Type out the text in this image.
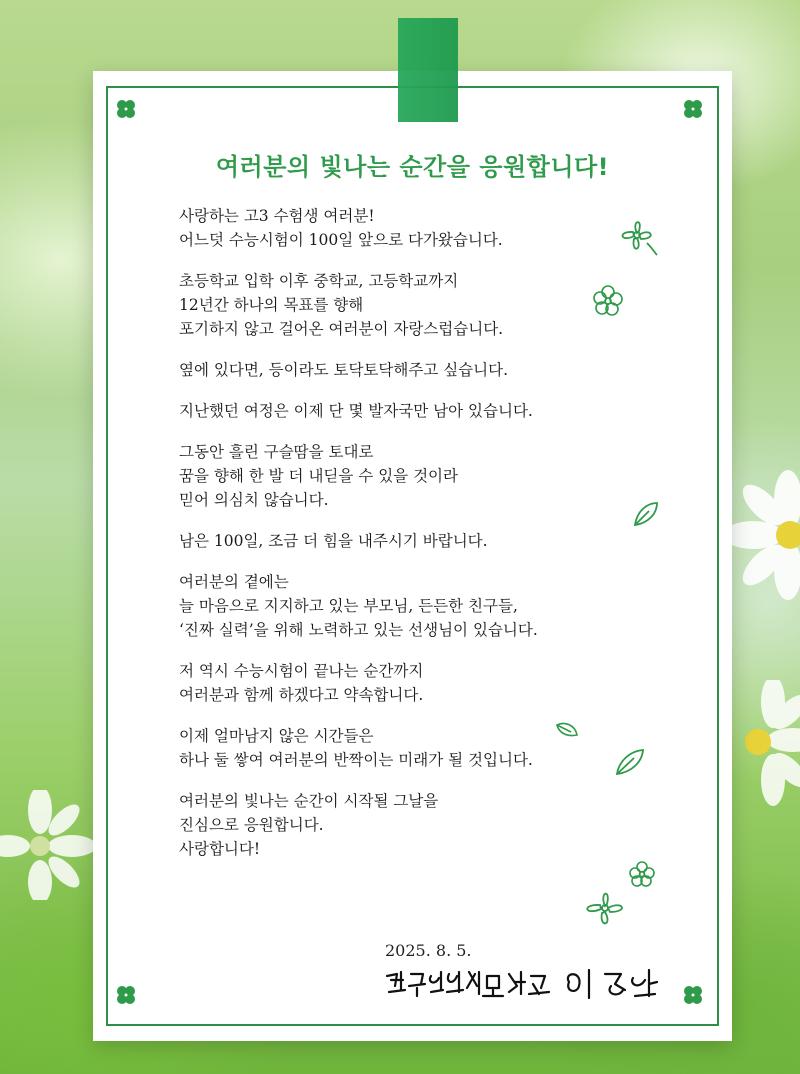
여러분의 빛나는 순간을 응원합니다!

사랑하는 고3 수험생 여러분!
어느덧 수능시험이 100일 앞으로 다가왔습니다.

초등학교 입학 이후 중학교, 고등학교까지
12년간 하나의 목표를 향해
포기하지 않고 걸어온 여러분이 자랑스럽습니다.

옆에 있다면, 등이라도 토닥토닥해주고 싶습니다.

지난했던 여정은 이제 단 몇 발자국만 남아 있습니다.

그동안 흘린 구슬땀을 토대로
꿈을 향해 한 발 더 내딛을 수 있을 것이라
믿어 의심치 않습니다.

남은 100일, 조금 더 힘을 내주시기 바랍니다.

여러분의 곁에는
늘 마음으로 지지하고 있는 부모님, 든든한 친구들,
‘진짜 실력’을 위해 노력하고 있는 선생님이 있습니다.

저 역시 수능시험이 끝나는 순간까지
여러분과 함께 하겠다고 약속합니다.

이제 얼마남지 않은 시간들은
하나 둘 쌓여 여러분의 반짝이는 미래가 될 것입니다.

여러분의 빛나는 순간이 시작될 그날을
진심으로 응원합니다.
사랑합니다!

2025. 8. 5.
